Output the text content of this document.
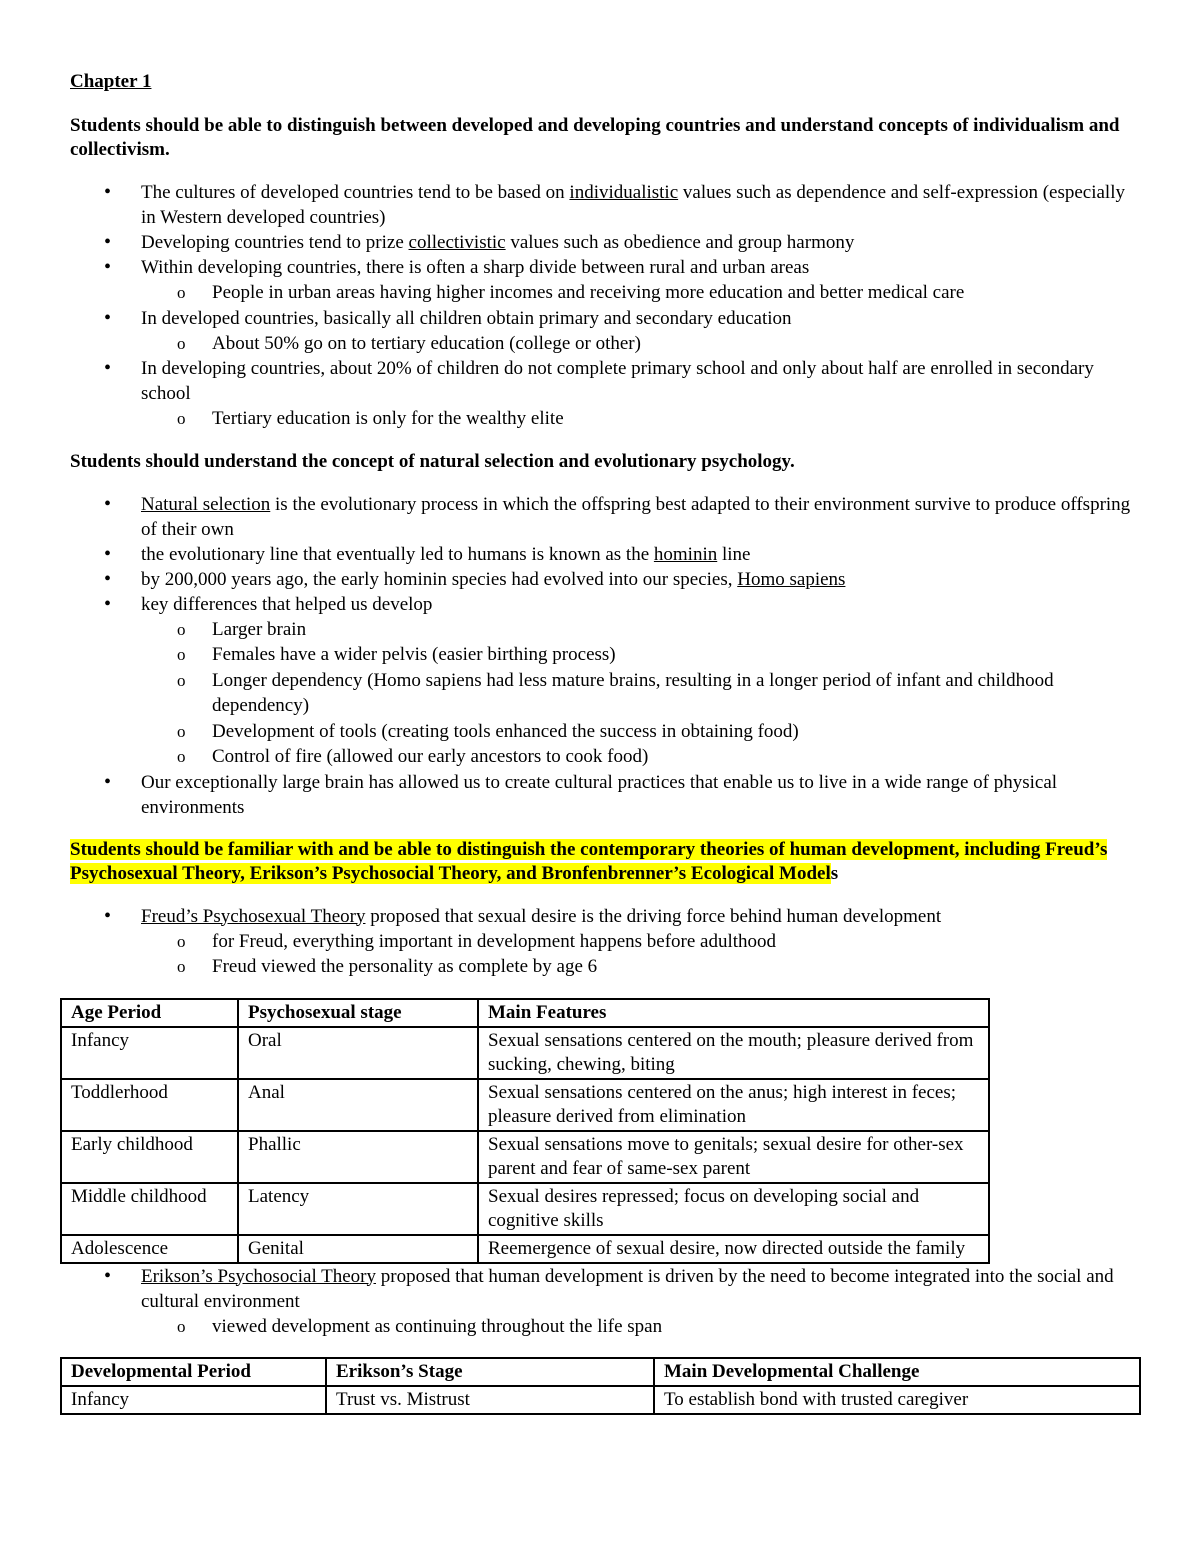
Chapter 1
Students should be able to distinguish between developed and developing countries and understand concepts of individualism and collectivism.
• The cultures of developed countries tend to be based on individualistic values such as dependence and self-expression (especially in Western developed countries)
• Developing countries tend to prize collectivistic values such as obedience and group harmony
• Within developing countries, there is often a sharp divide between rural and urban areas
o People in urban areas having higher incomes and receiving more education and better medical care
• In developed countries, basically all children obtain primary and secondary education
o About 50% go on to tertiary education (college or other)
• In developing countries, about 20% of children do not complete primary school and only about half are enrolled in secondary school
o Tertiary education is only for the wealthy elite
Students should understand the concept of natural selection and evolutionary psychology.
• Natural selection is the evolutionary process in which the offspring best adapted to their environment survive to produce offspring of their own
• the evolutionary line that eventually led to humans is known as the hominin line
• by 200,000 years ago, the early hominin species had evolved into our species, Homo sapiens
• key differences that helped us develop
o Larger brain
o Females have a wider pelvis (easier birthing process)
o Longer dependency (Homo sapiens had less mature brains, resulting in a longer period of infant and childhood dependency)
o Development of tools (creating tools enhanced the success in obtaining food)
o Control of fire (allowed our early ancestors to cook food)
• Our exceptionally large brain has allowed us to create cultural practices that enable us to live in a wide range of physical environments
Students should be familiar with and be able to distinguish the contemporary theories of human development, including Freud’s Psychosexual Theory, Erikson’s Psychosocial Theory, and Bronfenbrenner’s Ecological Models
• Freud’s Psychosexual Theory proposed that sexual desire is the driving force behind human development
o for Freud, everything important in development happens before adulthood
o Freud viewed the personality as complete by age 6
Age Period	Psychosexual stage	Main Features
Infancy	Oral	Sexual sensations centered on the mouth; pleasure derived from sucking, chewing, biting
Toddlerhood	Anal	Sexual sensations centered on the anus; high interest in feces; pleasure derived from elimination
Early childhood	Phallic	Sexual sensations move to genitals; sexual desire for other-sex parent and fear of same-sex parent
Middle childhood	Latency	Sexual desires repressed; focus on developing social and cognitive skills
Adolescence	Genital	Reemergence of sexual desire, now directed outside the family
• Erikson’s Psychosocial Theory proposed that human development is driven by the need to become integrated into the social and cultural environment
o viewed development as continuing throughout the life span
Developmental Period	Erikson’s Stage	Main Developmental Challenge
Infancy	Trust vs. Mistrust	To establish bond with trusted caregiver
